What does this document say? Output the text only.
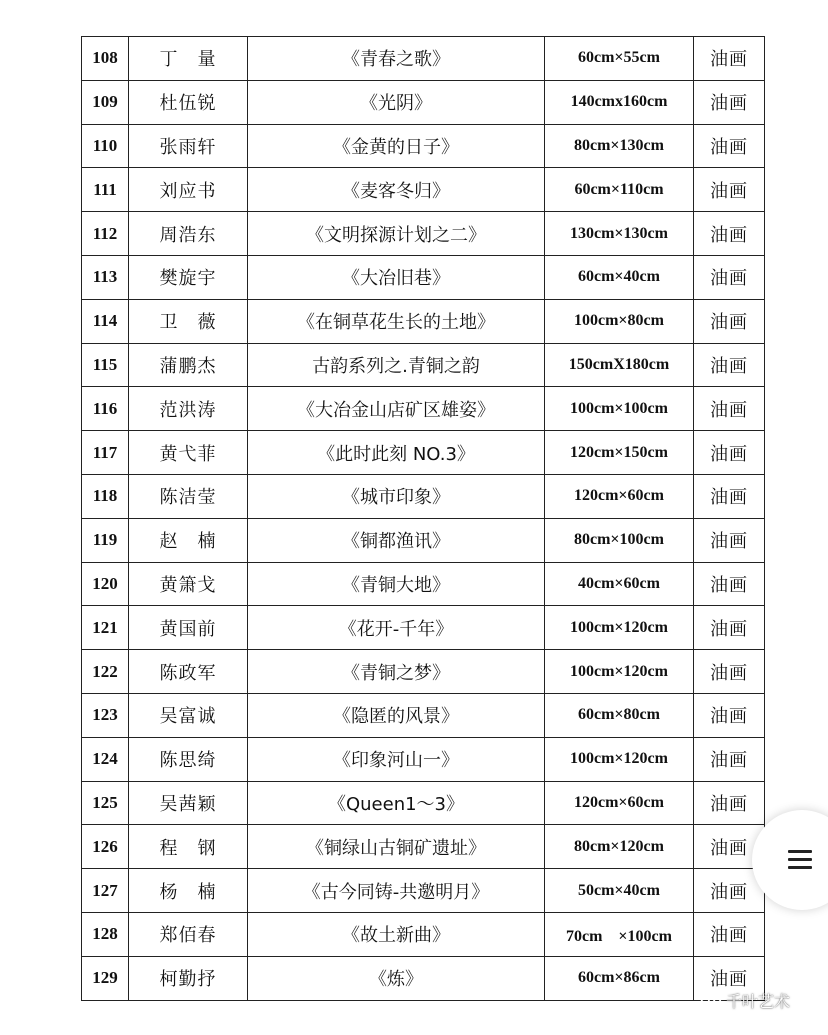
108	丁　量	《青春之歌》	60cm×55cm	油画
109	杜伍锐	《光阴》	140cmx160cm	油画
110	张雨轩	《金黄的日子》	80cm×130cm	油画
111	刘应书	《麦客冬归》	60cm×110cm	油画
112	周浩东	《文明探源计划之二》	130cm×130cm	油画
113	樊旋宇	《大冶旧巷》	60cm×40cm	油画
114	卫　薇	《在铜草花生长的土地》	100cm×80cm	油画
115	蒲鹏杰	古韵系列之.青铜之韵	150cmX180cm	油画
116	范洪涛	《大冶金山店矿区雄姿》	100cm×100cm	油画
117	黄弋菲	《此时此刻 NO.3》	120cm×150cm	油画
118	陈洁莹	《城市印象》	120cm×60cm	油画
119	赵　楠	《铜都渔讯》	80cm×100cm	油画
120	黄箫戈	《青铜大地》	40cm×60cm	油画
121	黄国前	《花开-千年》	100cm×120cm	油画
122	陈政军	《青铜之梦》	100cm×120cm	油画
123	吴富诚	《隐匿的风景》	60cm×80cm	油画
124	陈思绮	《印象河山一》	100cm×120cm	油画
125	吴茜颖	《Queen1～3》	120cm×60cm	油画
126	程　钢	《铜绿山古铜矿遗址》	80cm×120cm	油画
127	杨　楠	《古今同铸-共邀明月》	50cm×40cm	油画
128	郑佰春	《故土新曲》	70cm　×100cm	油画
129	柯勤抒	《炼》	60cm×86cm	油画
千叶艺术
